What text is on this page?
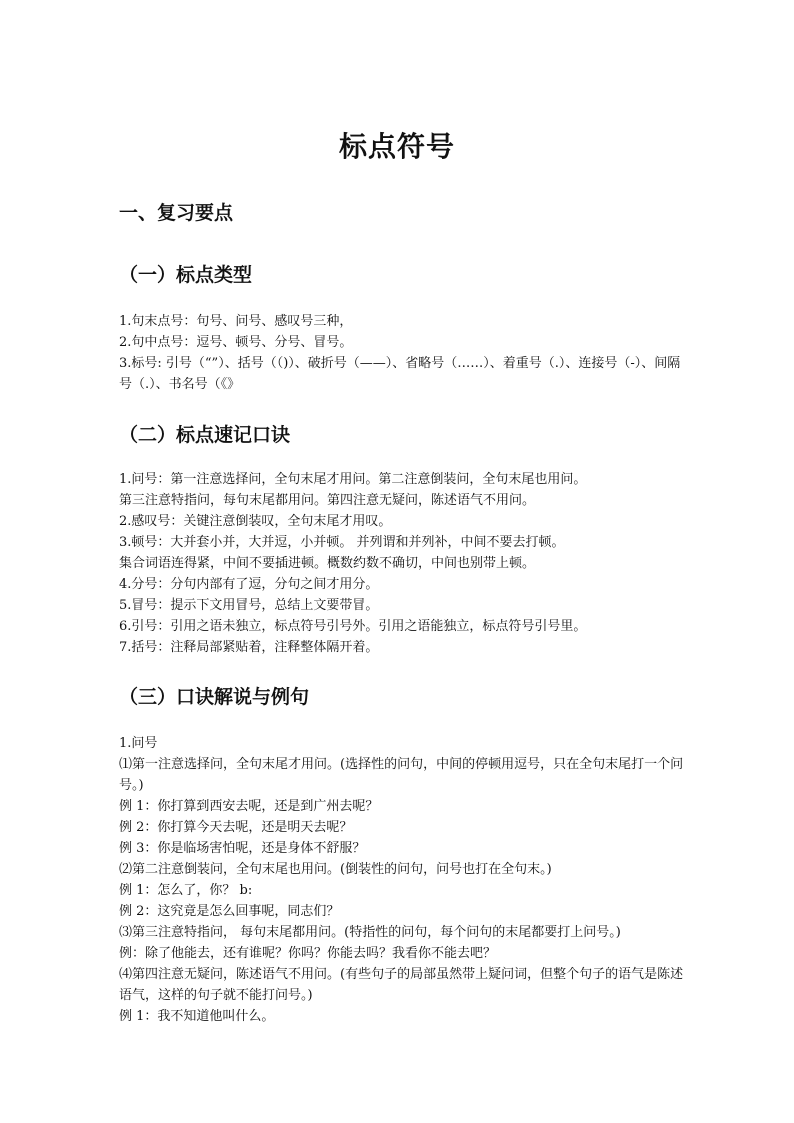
标点符号
一、复习要点
（一）标点类型
1.句末点号：句号、问号、感叹号三种，
2.句中点号：逗号、顿号、分号、冒号。
3.标号: 引号（“”）、括号（（)）、破折号（——）、省略号（……）、着重号（.）、连接号（-）、间隔号（.）、书名号（《》
（二）标点速记口诀
1.问号：第一注意选择问，全句末尾才用问。第二注意倒装问，全句末尾也用问。
第三注意特指问，每句末尾都用问。第四注意无疑问，陈述语气不用问。
2.感叹号：关键注意倒装叹，全句末尾才用叹。
3.顿号：大并套小并，大并逗，小并顿。 并列谓和并列补，中间不要去打顿。
集合词语连得紧，中间不要插进顿。概数约数不确切，中间也别带上顿。
4.分号：分句内部有了逗，分句之间才用分。
5.冒号：提示下文用冒号，总结上文要带冒。
6.引号：引用之语未独立，标点符号引号外。引用之语能独立，标点符号引号里。
7.括号：注释局部紧贴着，注释整体隔开着。
（三）口诀解说与例句
1.问号
⑴第一注意选择问，全句末尾才用问。(选择性的问句，中间的停顿用逗号，只在全句末尾打一个问号。)
例 1：你打算到西安去呢，还是到广州去呢？
例 2：你打算今天去呢，还是明天去呢？
例 3：你是临场害怕呢，还是身体不舒服？
⑵第二注意倒装问，全句末尾也用问。(倒装性的问句，问号也打在全句末。)
例 1：怎么了，你？ b:
例 2：这究竟是怎么回事呢，同志们？
⑶第三注意特指问， 每句末尾都用问。(特指性的问句，每个问句的末尾都要打上问号。)
例：除了他能去，还有谁呢？你吗？你能去吗？我看你不能去吧？
⑷第四注意无疑问，陈述语气不用问。(有些句子的局部虽然带上疑问词，但整个句子的语气是陈述语气，这样的句子就不能打问号。)
例 1：我不知道他叫什么。
